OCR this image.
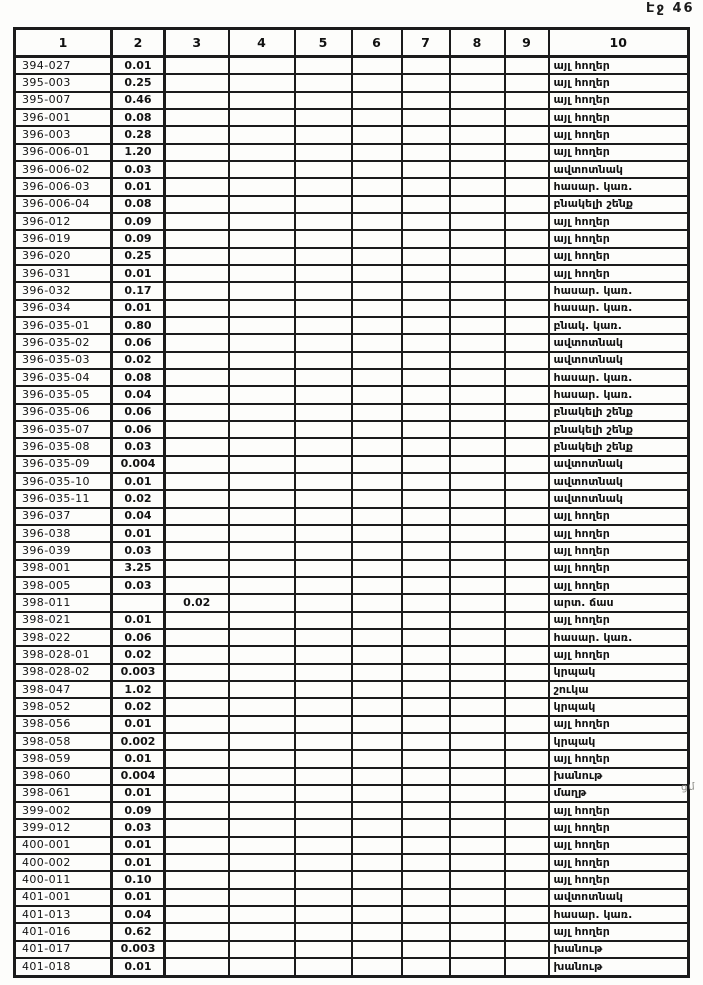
Էջ 46
1	2	3	4	5	6	7	8	9	10
394-027	0.01								այլ հողեր
395-003	0.25								այլ հողեր
395-007	0.46								այլ հողեր
396-001	0.08								այլ հողեր
396-003	0.28								այլ հողեր
396-006-01	1.20								այլ հողեր
396-006-02	0.03								ավտոտնակ
396-006-03	0.01								հասար. կառ.
396-006-04	0.08								բնակելի շենք
396-012	0.09								այլ հողեր
396-019	0.09								այլ հողեր
396-020	0.25								այլ հողեր
396-031	0.01								այլ հողեր
396-032	0.17								հասար. կառ.
396-034	0.01								հասար. կառ.
396-035-01	0.80								բնակ. կառ.
396-035-02	0.06								ավտոտնակ
396-035-03	0.02								ավտոտնակ
396-035-04	0.08								հասար. կառ.
396-035-05	0.04								հասար. կառ.
396-035-06	0.06								բնակելի շենք
396-035-07	0.06								բնակելի շենք
396-035-08	0.03								բնակելի շենք
396-035-09	0.004								ավտոտնակ
396-035-10	0.01								ավտոտնակ
396-035-11	0.02								ավտոտնակ
396-037	0.04								այլ հողեր
396-038	0.01								այլ հողեր
396-039	0.03								այլ հողեր
398-001	3.25								այլ հողեր
398-005	0.03								այլ հողեր
398-011		0.02							արտ. ճաս
398-021	0.01								այլ հողեր
398-022	0.06								հասար. կառ.
398-028-01	0.02								այլ հողեր
398-028-02	0.003								կրպակ
398-047	1.02								շուկա
398-052	0.02								կրպակ
398-056	0.01								այլ հողեր
398-058	0.002								կրպակ
398-059	0.01								այլ հողեր
398-060	0.004								խանութ
398-061	0.01								մաղթ
399-002	0.09								այլ հողեր
399-012	0.03								այլ հողեր
400-001	0.01								այլ հողեր
400-002	0.01								այլ հողեր
400-011	0.10								այլ հողեր
401-001	0.01								ավտոտնակ
401-013	0.04								հասար. կառ.
401-016	0.62								այլ հողեր
401-017	0.003								խանութ
401-018	0.01								խանութ
ցմ
